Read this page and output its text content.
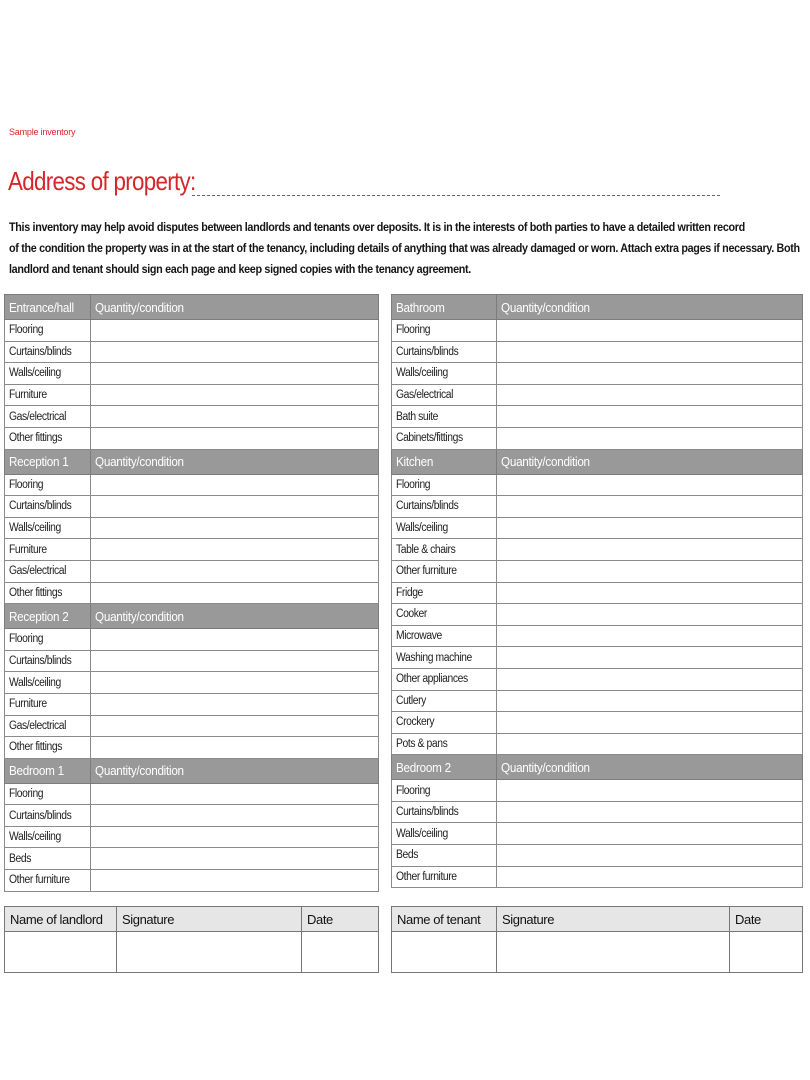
Sample inventory
Address of property:

This inventory may help avoid disputes between landlords and tenants over deposits. It is in the interests of both parties to have a detailed written record

of the condition the property was in at the start of the tenancy, including details of anything that was already damaged or worn. Attach extra pages if necessary. Both

landlord and tenant should sign each page and keep signed copies with the tenancy agreement.

Entrance/hall	Quantity/condition
Flooring	
Curtains/blinds	
Walls/ceiling	
Furniture	
Gas/electrical	
Other fittings	
Reception 1	Quantity/condition
Flooring	
Curtains/blinds	
Walls/ceiling	
Furniture	
Gas/electrical	
Other fittings	
Reception 2	Quantity/condition
Flooring	
Curtains/blinds	
Walls/ceiling	
Furniture	
Gas/electrical	
Other fittings	
Bedroom 1	Quantity/condition
Flooring	
Curtains/blinds	
Walls/ceiling	
Beds	
Other furniture	
Bathroom	Quantity/condition
Flooring	
Curtains/blinds	
Walls/ceiling	
Gas/electrical	
Bath suite	
Cabinets/fittings	
Kitchen	Quantity/condition
Flooring	
Curtains/blinds	
Walls/ceiling	
Table & chairs	
Other furniture	
Fridge	
Cooker	
Microwave	
Washing machine	
Other appliances	
Cutlery	
Crockery	
Pots & pans	
Bedroom 2	Quantity/condition
Flooring	
Curtains/blinds	
Walls/ceiling	
Beds	
Other furniture	
Name of landlord	Signature	Date
			Name of tenant	Signature	Date
